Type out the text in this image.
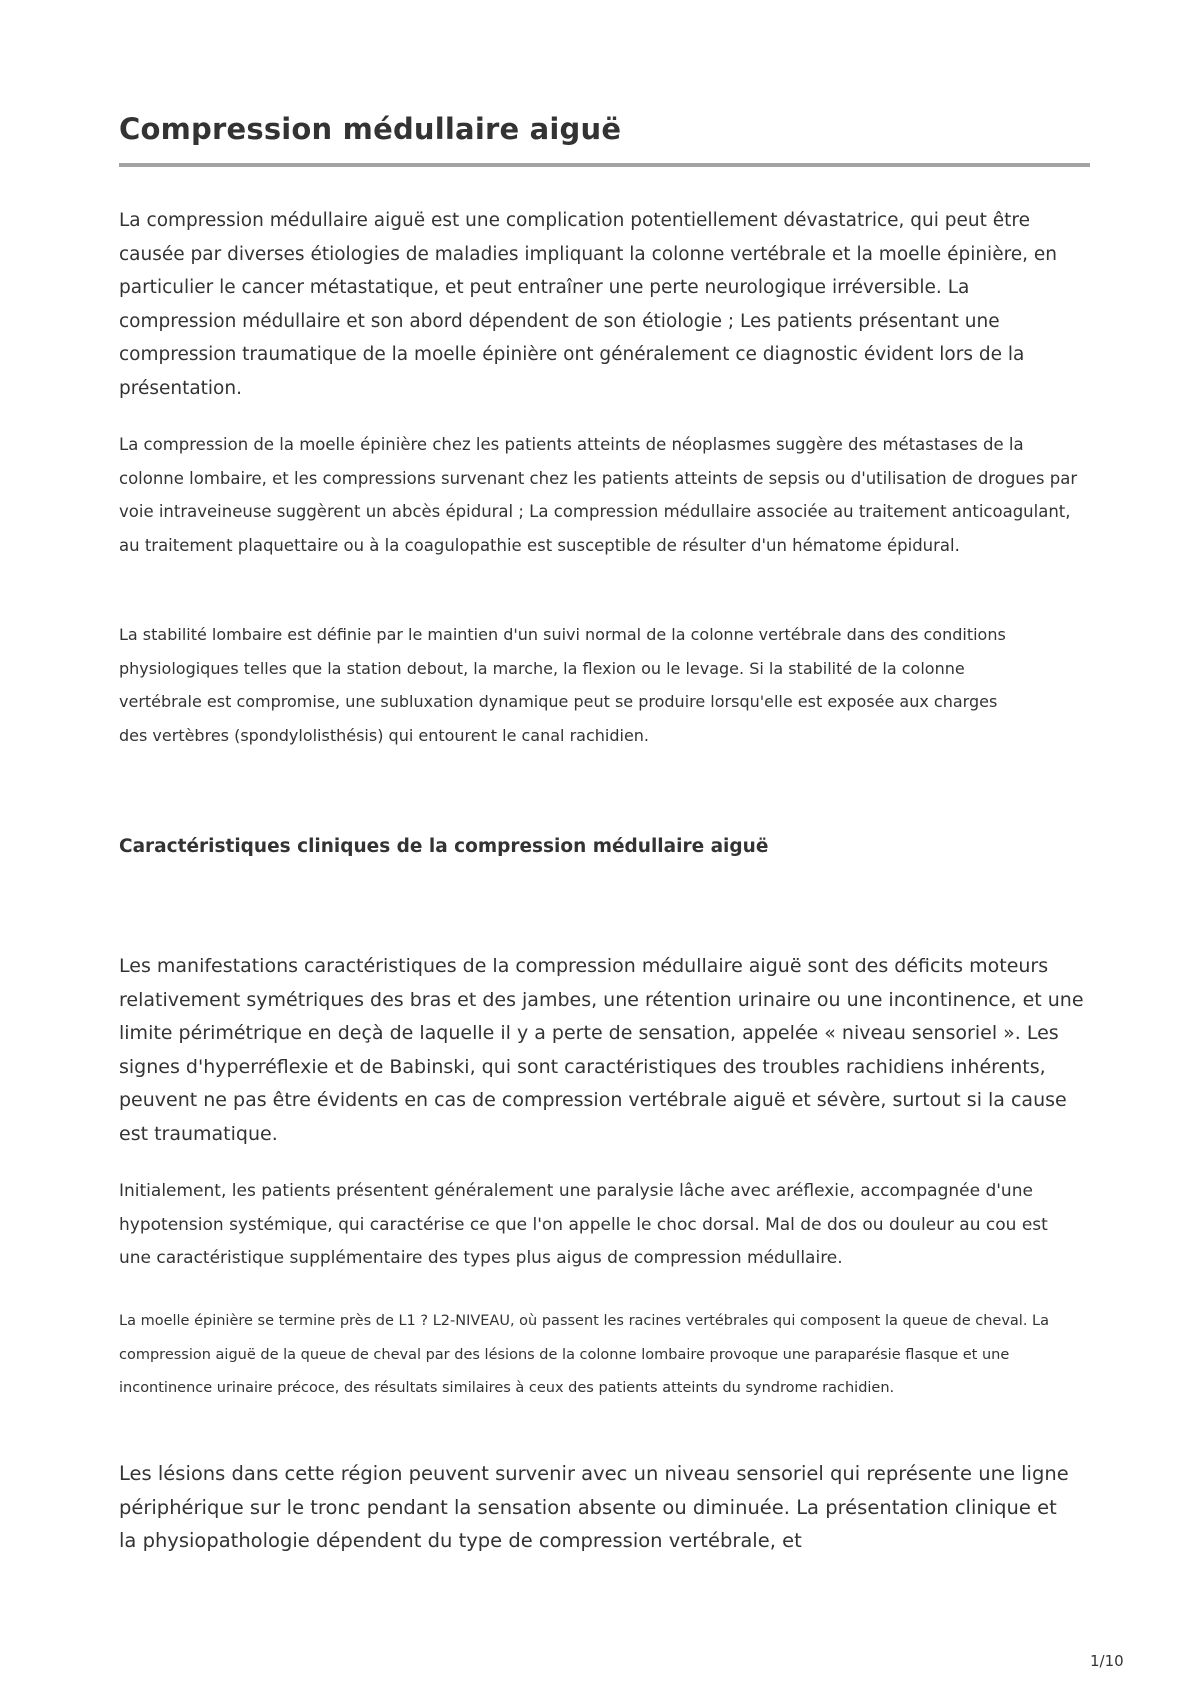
Compression médullaire aiguë

La compression médullaire aiguë est une complication potentiellement dévastatrice, qui peut être causée par diverses étiologies de maladies impliquant la colonne vertébrale et la moelle épinière, en particulier le cancer métastatique, et peut entraîner une perte neurologique irréversible. La compression médullaire et son abord dépendent de son étiologie ; Les patients présentant une compression traumatique de la moelle épinière ont généralement ce diagnostic évident lors de la présentation.

La compression de la moelle épinière chez les patients atteints de néoplasmes suggère des métastases de la colonne lombaire, et les compressions survenant chez les patients atteints de sepsis ou d'utilisation de drogues par voie intraveineuse suggèrent un abcès épidural ; La compression médullaire associée au traitement anticoagulant, au traitement plaquettaire ou à la coagulopathie est susceptible de résulter d'un hématome épidural.

La stabilité lombaire est définie par le maintien d'un suivi normal de la colonne vertébrale dans des conditions physiologiques telles que la station debout, la marche, la flexion ou le levage. Si la stabilité de la colonne vertébrale est compromise, une subluxation dynamique peut se produire lorsqu'elle est exposée aux charges des vertèbres (spondylolisthésis) qui entourent le canal rachidien.

Caractéristiques cliniques de la compression médullaire aiguë

Les manifestations caractéristiques de la compression médullaire aiguë sont des déficits moteurs relativement symétriques des bras et des jambes, une rétention urinaire ou une incontinence, et une limite périmétrique en deçà de laquelle il y a perte de sensation, appelée « niveau sensoriel ». Les signes d'hyperréflexie et de Babinski, qui sont caractéristiques des troubles rachidiens inhérents, peuvent ne pas être évidents en cas de compression vertébrale aiguë et sévère, surtout si la cause est traumatique.

Initialement, les patients présentent généralement une paralysie lâche avec aréflexie, accompagnée d'une hypotension systémique, qui caractérise ce que l'on appelle le choc dorsal. Mal de dos ou douleur au cou est une caractéristique supplémentaire des types plus aigus de compression médullaire.

La moelle épinière se termine près de L1 ? L2-NIVEAU, où passent les racines vertébrales qui composent la queue de cheval. La compression aiguë de la queue de cheval par des lésions de la colonne lombaire provoque une paraparésie flasque et une incontinence urinaire précoce, des résultats similaires à ceux des patients atteints du syndrome rachidien.

Les lésions dans cette région peuvent survenir avec un niveau sensoriel qui représente une ligne périphérique sur le tronc pendant la sensation absente ou diminuée. La présentation clinique et la physiopathologie dépendent du type de compression vertébrale, et

1/10
